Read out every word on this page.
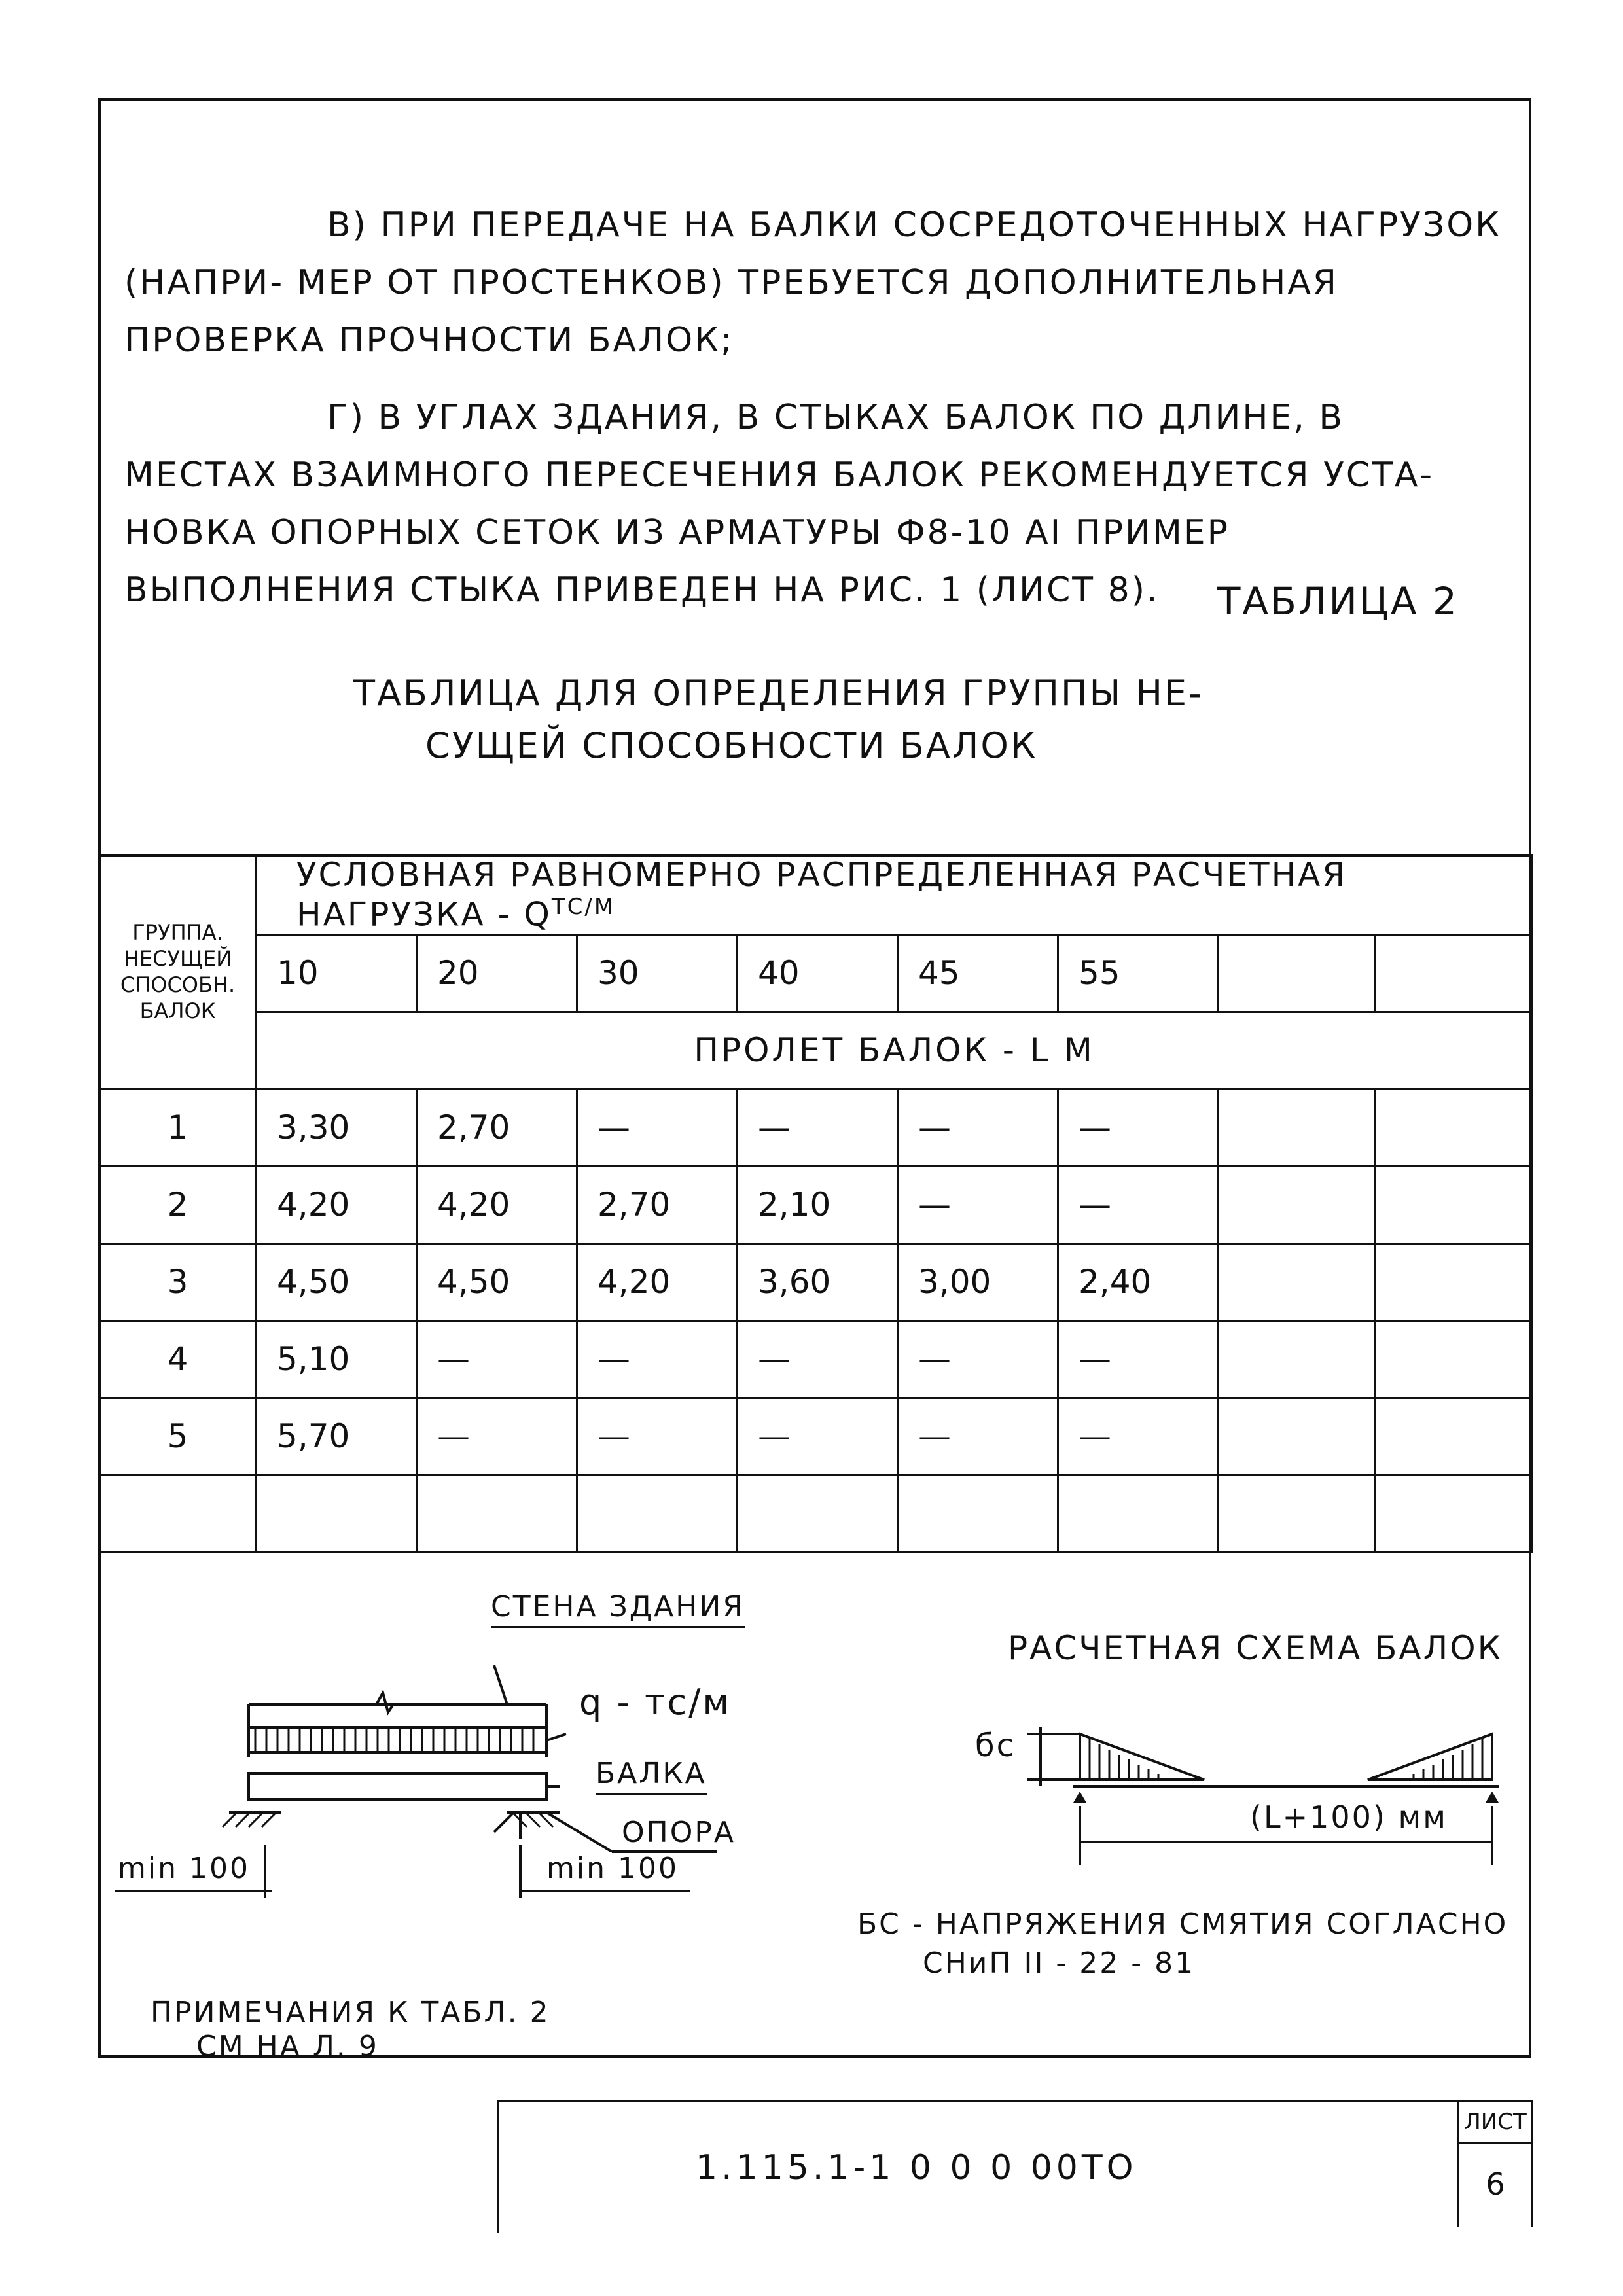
В) ПРИ ПЕРЕДАЧЕ НА БАЛКИ СОСРЕДОТОЧЕННЫХ НАГРУЗОК (НАПРИ- МЕР ОТ ПРОСТЕНКОВ) ТРЕБУЕТСЯ ДОПОЛНИТЕЛЬНАЯ ПРОВЕРКА ПРОЧНОСТИ БАЛОК;

Г) В УГЛАХ ЗДАНИЯ, В СТЫКАХ БАЛОК ПО ДЛИНЕ, В МЕСТАХ ВЗАИМНОГО ПЕРЕСЕЧЕНИЯ БАЛОК РЕКОМЕНДУЕТСЯ УСТА- НОВКА ОПОРНЫХ СЕТОК ИЗ АРМАТУРЫ Ф8-10 АI ПРИМЕР ВЫПОЛНЕНИЯ СТЫКА ПРИВЕДЕН НА РИС. 1 (ЛИСТ 8).	ТАБЛИЦА 2
ТАБЛИЦА ДЛЯ ОПРЕДЕЛЕНИЯ ГРУППЫ НЕ-
СУЩЕЙ СПОСОБНОСТИ БАЛОК
ГРУППА. НЕСУЩЕЙ СПОСОБН. БАЛОК	УСЛОВНАЯ РАВНОМЕРНО РАСПРЕДЕЛЕННАЯ РАСЧЕТНАЯ НАГРУЗКА - $Q^{ТС/М}$
	10	20	30	40	45	55		
	ПРОЛЕТ БАЛОК - L М							
1	3,30	2,70	—	—	—	—		
2	4,20	4,20	2,70	2,10	—	—		
3	4,50	4,50	4,20	3,60	3,00	2,40		
4	5,10	—	—	—	—	—		
5	5,70	—	—	—	—	—		

СТЕНА ЗДАНИЯ
q - тс/м
БАЛКА
ОПОРА
min 100	min 100
РАСЧЕТНАЯ СХЕМА БАЛОК
бс
(L+100) мм
БС - НАПРЯЖЕНИЯ СМЯТИЯ СОГЛАСНО
СНиП II - 22 - 81
ПРИМЕЧАНИЯ К ТАБЛ. 2
СМ НА Л. 9
1.115.1-1 0 0 0 00ТО
ЛИСТ
6
